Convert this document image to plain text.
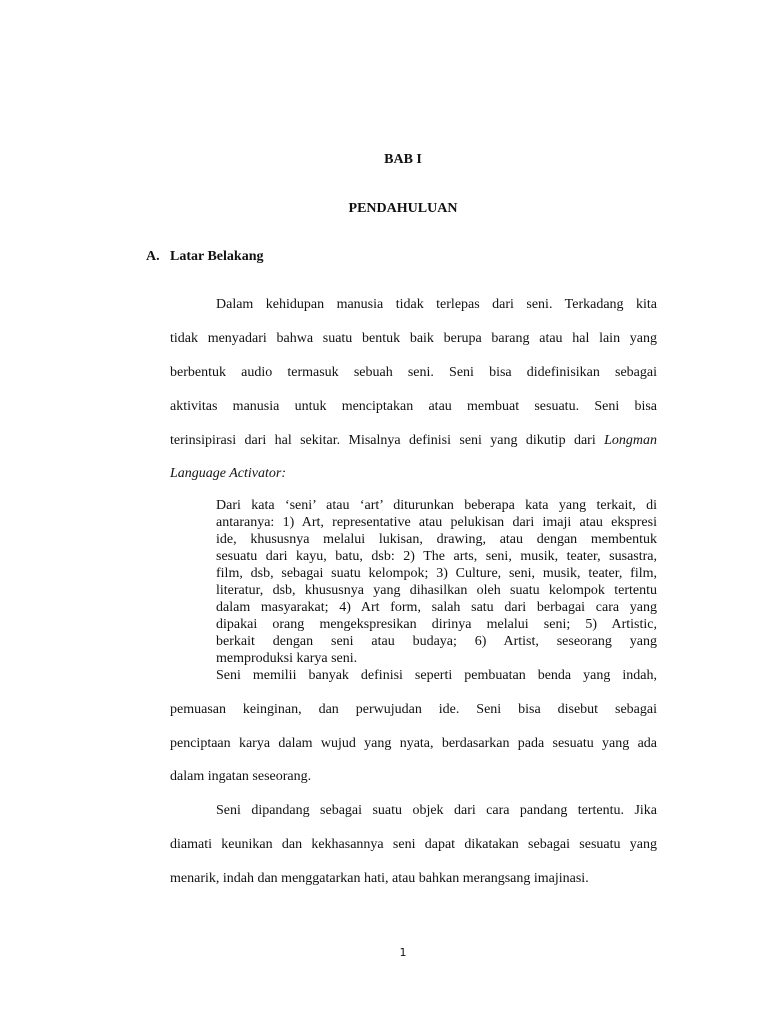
BAB I
PENDAHULUAN
A. Latar Belakang
Dalam kehidupan manusia tidak terlepas dari seni. Terkadang kita
tidak menyadari bahwa suatu bentuk baik berupa barang atau hal lain yang
berbentuk audio termasuk sebuah seni. Seni bisa didefinisikan sebagai
aktivitas manusia untuk menciptakan atau membuat sesuatu. Seni bisa
terinsipirasi dari hal sekitar. Misalnya definisi seni yang dikutip dari Longman
Language Activator:
Dari kata ‘seni’ atau ‘art’ diturunkan beberapa kata yang terkait, di
antaranya: 1) Art, representative atau pelukisan dari imaji atau ekspresi
ide, khususnya melalui lukisan, drawing, atau dengan membentuk
sesuatu dari kayu, batu, dsb: 2) The arts, seni, musik, teater, susastra,
film, dsb, sebagai suatu kelompok; 3) Culture, seni, musik, teater, film,
literatur, dsb, khususnya yang dihasilkan oleh suatu kelompok tertentu
dalam masyarakat; 4) Art form, salah satu dari berbagai cara yang
dipakai orang mengekspresikan dirinya melalui seni; 5) Artistic,
berkait dengan seni atau budaya; 6) Artist, seseorang yang
memproduksi karya seni.
Seni memilii banyak definisi seperti pembuatan benda yang indah,
pemuasan keinginan, dan perwujudan ide. Seni bisa disebut sebagai
penciptaan karya dalam wujud yang nyata, berdasarkan pada sesuatu yang ada
dalam ingatan seseorang.
Seni dipandang sebagai suatu objek dari cara pandang tertentu. Jika
diamati keunikan dan kekhasannya seni dapat dikatakan sebagai sesuatu yang
menarik, indah dan menggatarkan hati, atau bahkan merangsang imajinasi.
1
